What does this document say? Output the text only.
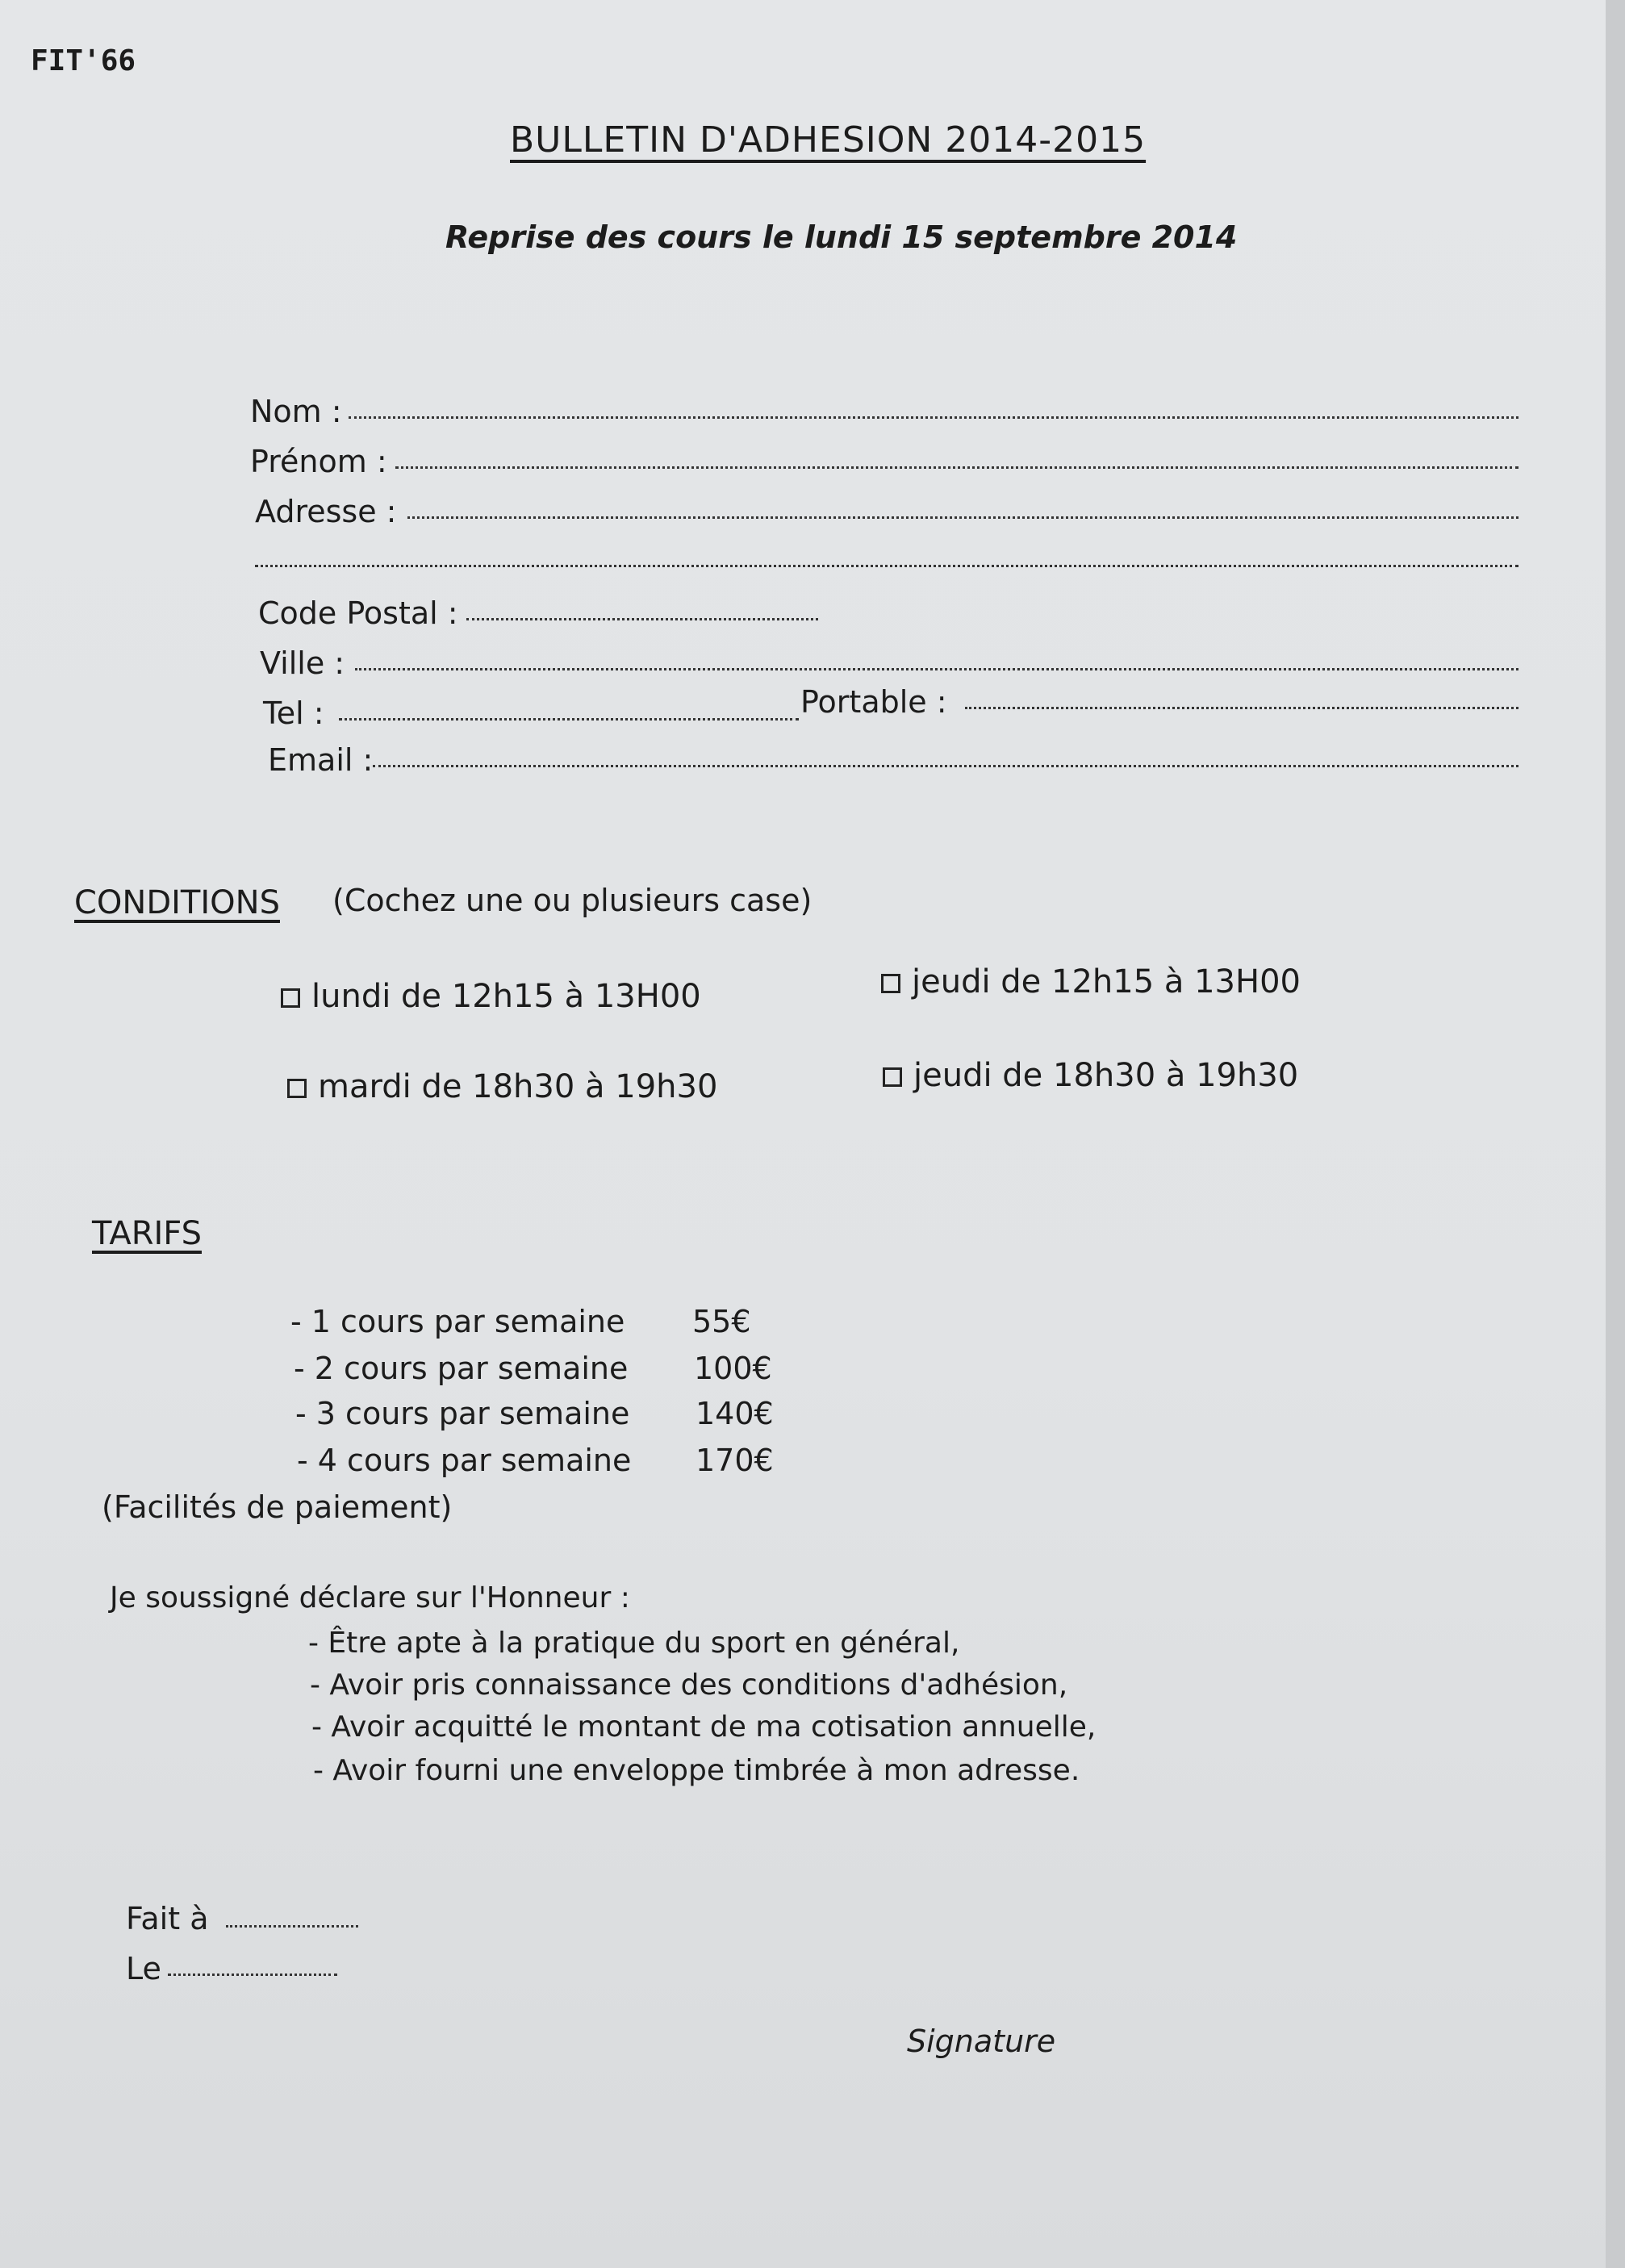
FIT'66
BULLETIN D'ADHESION 2014-2015
Reprise des cours le lundi 15 septembre 2014
Nom :
Prénom :
Adresse :
Code Postal :
Ville :
Tel :	Portable :
Email :
CONDITIONS (Cochez une ou plusieurs case)
lundi de 12h15 à 13H00	jeudi de 12h15 à 13H00
mardi de 18h30 à 19h30	jeudi de 18h30 à 19h30
TARIFS
- 1 cours par semaine 55€
- 2 cours par semaine 100€
- 3 cours par semaine 140€
- 4 cours par semaine 170€
(Facilités de paiement)
Je soussigné déclare sur l'Honneur :
- Être apte à la pratique du sport en général,
- Avoir pris connaissance des conditions d'adhésion,
- Avoir acquitté le montant de ma cotisation annuelle,
- Avoir fourni une enveloppe timbrée à mon adresse.
Fait à
Le
Signature
